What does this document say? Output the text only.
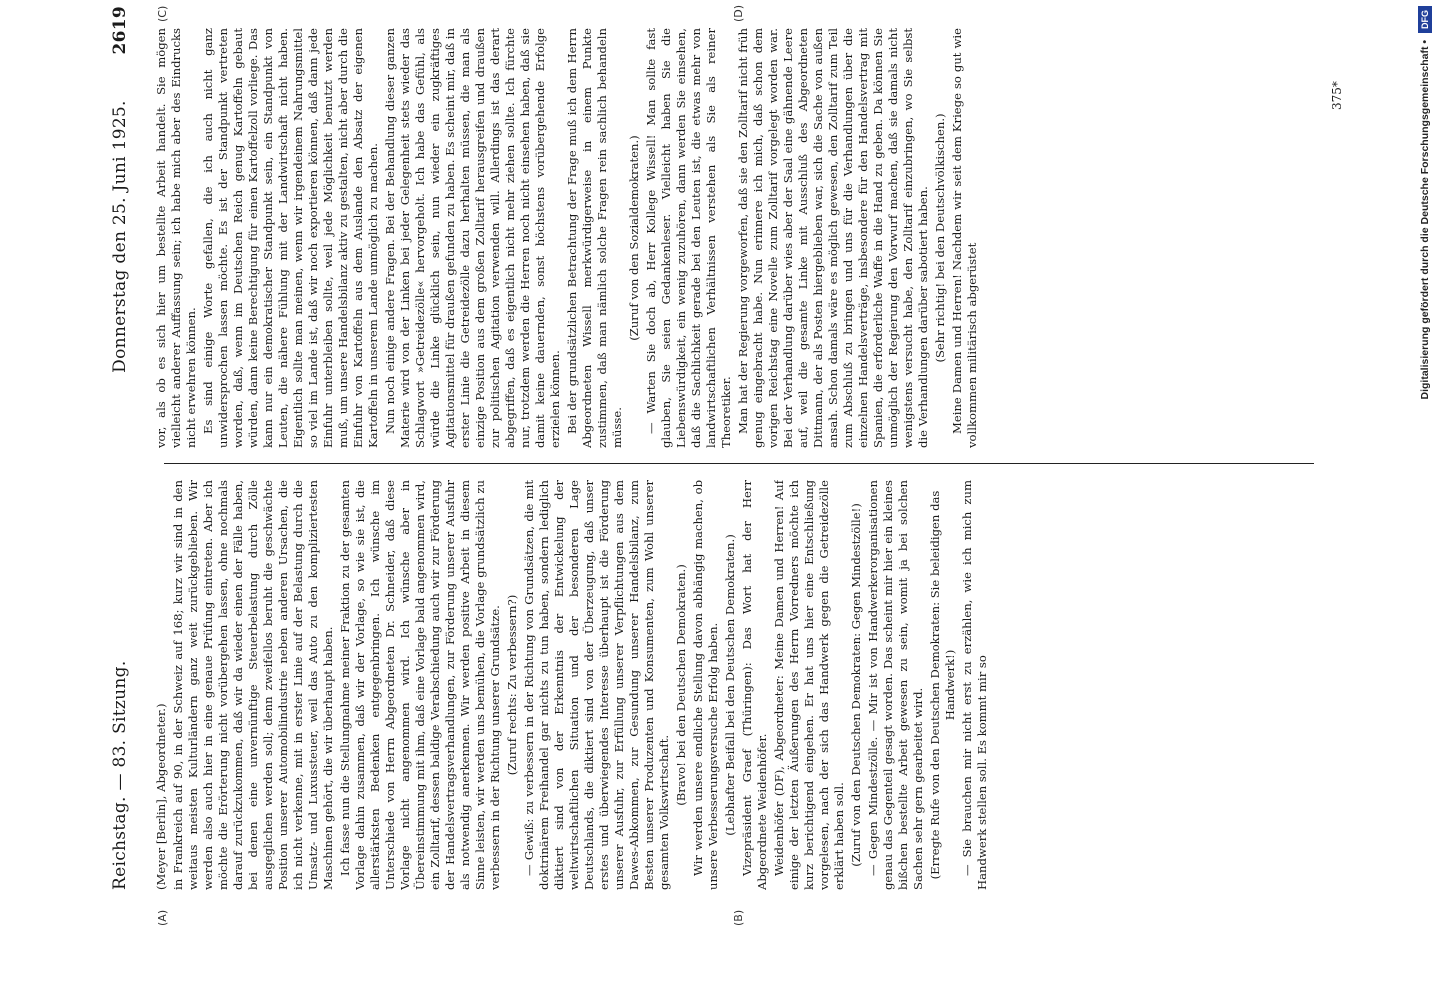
Reichstag. — 83. Sitzung.
Donnerstag den 25. Juni 1925. 2619
(A)	(B)
(C)	(D)

(Meyer [Berlin], Abgeordneter.) in Frankreich auf 90, in der Schweiz auf 168; kurz wir sind in den weitaus meisten Kulturländern ganz weit zurückgeblieben. Wir werden also auch hier in eine genaue Prüfung eintreten. Aber ich möchte die Erörterung nicht vorübergehen lassen, ohne nochmals darauf zurückzukommen, daß wir da wieder einen der Fälle haben, bei denen eine unvernünftige Steuerbelastung durch Zölle ausgeglichen werden soll; denn zweifellos beruht die geschwächte Position unserer Automobilindustrie neben anderen Ursachen, die ich nicht verkenne, mit in erster Linie auf der Belastung durch die Umsatz- und Luxussteuer, weil das Auto zu den kompliziertesten Maschinen gehört, die wir überhaupt haben. Ich fasse nun die Stellungnahme meiner Fraktion zu der gesamten Vorlage dahin zusammen, daß wir der Vorlage, so wie sie ist, die allerstärksten Bedenken entgegenbringen. Ich wünsche im Unterschiede von Herrn Abgeordneten Dr. Schneider, daß diese Vorlage nicht angenommen wird. Ich wünsche aber in Übereinstimmung mit ihm, daß eine Vorlage bald angenommen wird, ein Zolltarif, dessen baldige Verabschiedung auch wir zur Förderung der Handelsvertragsverhandlungen, zur Förderung unserer Ausfuhr als notwendig anerkennen. Wir werden positive Arbeit in diesem Sinne leisten, wir werden uns bemühen, die Vorlage grundsätzlich zu verbessern in der Richtung unserer Grundsätze. (Zuruf rechts: Zu verbessern?) — Gewiß: zu verbessern in der Richtung von Grundsätzen, die mit doktrinärem Freihandel gar nichts zu tun haben, sondern lediglich diktiert sind von der Erkenntnis der Entwickelung der weltwirtschaftlichen Situation und der besonderen Lage Deutschlands, die diktiert sind von der Überzeugung, daß unser erstes und überwiegendes Interesse überhaupt ist die Förderung unserer Ausfuhr, zur Erfüllung unserer Verpflichtungen aus dem Dawes-Abkommen, zur Gesundung unserer Handelsbilanz, zum Besten unserer Produzenten und Konsumenten, zum Wohl unserer gesamten Volkswirtschaft.

(Bravo! bei den Deutschen Demokraten.) Wir werden unsere endliche Stellung davon abhängig machen, ob unsere Verbesserungsversuche Erfolg haben. (Lebhafter Beifall bei den Deutschen Demokraten.) Vizepräsident Graef (Thüringen): Das Wort hat der Herr Abgeordnete Weidenhöfer. Weidenhöfer (DF), Abgeordneter: Meine Damen und Herren! Auf einige der letzten Äußerungen des Herrn Vorredners möchte ich kurz berichtigend eingehen. Er hat uns hier eine Entschließung vorgelesen, nach der sich das Handwerk gegen die Getreidezölle erklärt haben soll. (Zuruf von den Deutschen Demokraten: Gegen Mindestzölle!) — Gegen Mindestzölle. — Mir ist von Handwerkerorganisationen genau das Gegenteil gesagt worden. Das scheint mir hier ein kleines bißchen bestellte Arbeit gewesen zu sein, womit ja bei solchen Sachen sehr gern gearbeitet wird. (Erregte Rufe von den Deutschen Demokraten: Sie beleidigen das Handwerk!) — Sie brauchen mir nicht erst zu erzählen, wie ich mich zum Handwerk stellen soll. Es kommt mir so

vor, als ob es sich hier um bestellte Arbeit handelt. Sie mögen vielleicht anderer Auffassung sein; ich habe mich aber des Eindrucks nicht erwehren können. Es sind einige Worte gefallen, die ich auch nicht ganz unwidersprochen lassen möchte. Es ist der Standpunkt vertreten worden, daß, wenn im Deutschen Reich genug Kartoffeln gebaut würden, dann keine Berechtigung für einen Kartoffelzoll vorliege. Das kann nur ein demokratischer Standpunkt sein, ein Standpunkt von Leuten, die nähere Fühlung mit der Landwirtschaft nicht haben. Eigentlich sollte man meinen, wenn wir irgendeinem Nahrungsmittel so viel im Lande ist, daß wir noch exportieren können, daß dann jede Einfuhr unterbleiben sollte, weil jede Möglichkeit benutzt werden muß, um unsere Handelsbilanz aktiv zu gestalten, nicht aber durch die Einfuhr von Kartoffeln aus dem Auslande den Absatz der eigenen Kartoffeln in unserem Lande unmöglich zu machen. Nun noch einige andere Fragen. Bei der Behandlung dieser ganzen Materie wird von der Linken bei jeder Gelegenheit stets wieder das Schlagwort »Getreidezölle« hervorgeholt. Ich habe das Gefühl, als würde die Linke glücklich sein, nun wieder ein zugkräftiges Agitationsmittel für draußen gefunden zu haben. Es scheint mir, daß in erster Linie die Getreidezölle dazu herhalten müssen, die man als einzige Position aus dem großen Zolltarif herausgreifen und draußen zur politischen Agitation verwenden will. Allerdings ist das derart abgegriffen, daß es eigentlich nicht mehr ziehen sollte. Ich fürchte nur, trotzdem werden die Herren noch nicht einsehen haben, daß sie damit keine dauernden, sonst höchstens vorübergehende Erfolge erzielen können. Bei der grundsätzlichen Betrachtung der Frage muß ich dem Herrn Abgeordneten Wissell merkwürdigerweise in einem Punkte zustimmen, daß man nämlich solche Fragen rein sachlich behandeln müsse.

(Zuruf von den Sozialdemokraten.) — Warten Sie doch ab, Herr Kollege Wissell! Man sollte fast glauben, Sie seien Gedankenleser. Vielleicht haben Sie die Liebenswürdigkeit, ein wenig zuzuhören, dann werden Sie einsehen, daß die Sachlichkeit gerade bei den Leuten ist, die etwas mehr von landwirtschaftlichen Verhältnissen verstehen als Sie als reiner Theoretiker. Man hat der Regierung vorgeworfen, daß sie den Zolltarif nicht früh genug eingebracht habe. Nun erinnere ich mich, daß schon dem vorigen Reichstag eine Novelle zum Zolltarif vorgelegt worden war. Bei der Verhandlung darüber wies aber der Saal eine gähnende Leere auf, weil die gesamte Linke mit Ausschluß des Abgeordneten Dittmann, der als Posten hiergeblieben war, sich die Sache von außen ansah. Schon damals wäre es möglich gewesen, den Zolltarif zum Teil zum Abschluß zu bringen und uns für die Verhandlungen über die einzelnen Handelsverträge, insbesondere für den Handelsvertrag mit Spanien, die erforderliche Waffe in die Hand zu geben. Da können Sie unmöglich der Regierung den Vorwurf machen, daß sie damals nicht wenigstens versucht habe, den Zolltarif einzubringen, wo Sie selbst die Verhandlungen darüber sabotiert haben. (Sehr richtig! bei den Deutschvölkischen.) Meine Damen und Herren! Nachdem wir seit dem Kriege so gut wie vollkommen militärisch abgerüstet

375*	Digitalisierung gefördert durch die Deutsche Forschungsgemeinschaft • DFG
